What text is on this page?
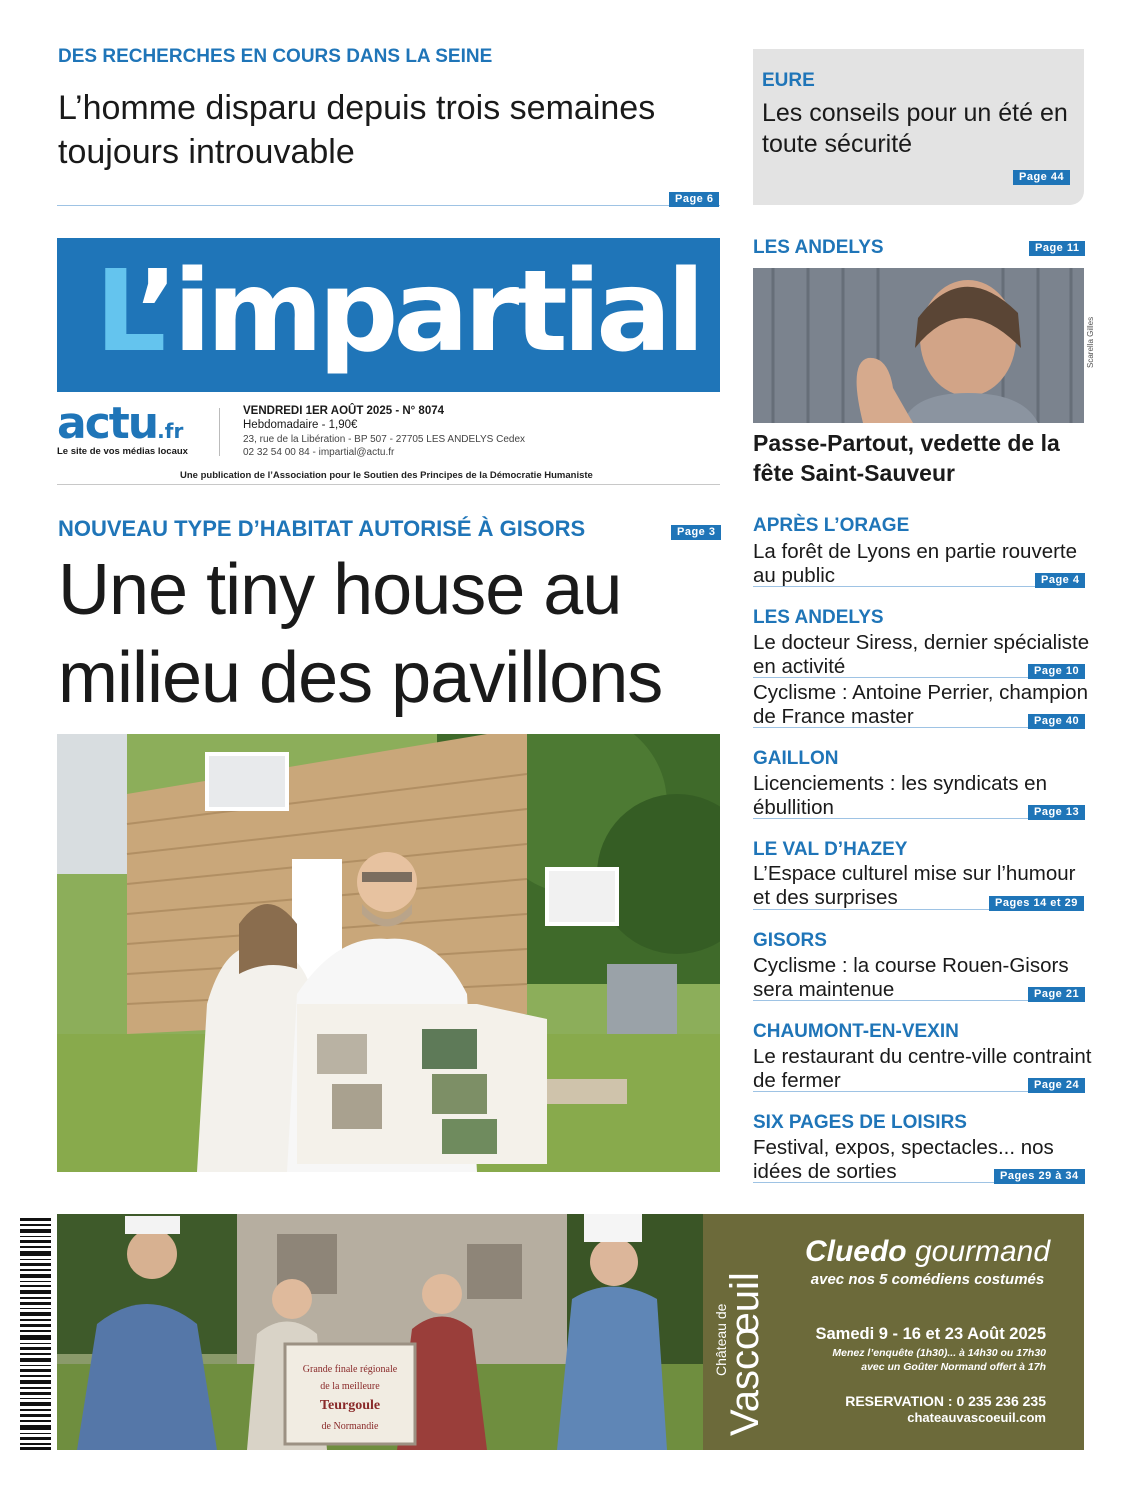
DES RECHERCHES EN COURS DANS LA SEINE
L’homme disparu depuis trois semaines toujours introuvable
Page 6
EURE
Les conseils pour un été en toute sécurité
Page 44
L’impartial
actu.fr
Le site de vos médias locaux
VENDREDI 1ER AOÛT 2025 - N° 8074
Hebdomadaire - 1,90€
23, rue de la Libération - BP 507 - 27705 LES ANDELYS Cedex
02 32 54 00 84 - impartial@actu.fr
Une publication de l’Association pour le Soutien des Principes de la Démocratie Humaniste
NOUVEAU TYPE D’HABITAT AUTORISÉ À GISORS	Page 3
Une tiny house au milieu des pavillons
LES ANDELYS	Page 11
Scarella Gilles
Passe-Partout, vedette de la fête Saint-Sauveur
APRÈS L’ORAGE
La forêt de Lyons en partie rouverte au public	Page 4
LES ANDELYS
Le docteur Siress, dernier spécialiste en activité	Page 10
Cyclisme : Antoine Perrier, champion de France master	Page 40
GAILLON
Licenciements : les syndicats en ébullition	Page 13
LE VAL D’HAZEY
L’Espace culturel mise sur l’humour et des surprises	Pages 14 et 29
GISORS
Cyclisme : la course Rouen-Gisors sera maintenue	Page 21
CHAUMONT-EN-VEXIN
Le restaurant du centre-ville contraint de fermer	Page 24
SIX PAGES DE LOISIRS
Festival, expos, spectacles... nos idées de sorties	Pages 29 à 34
Grande finale régionale
de la meilleure
Teurgoule
de Normandie
Château de
Vascœuil
Cluedo gourmand
avec nos 5 comédiens costumés
Samedi 9 - 16 et 23 Août 2025
Menez l’enquête (1h30)... à 14h30 ou 17h30
avec un Goûter Normand offert à 17h
RESERVATION : 0 235 236 235
chateauvascoeuil.com
